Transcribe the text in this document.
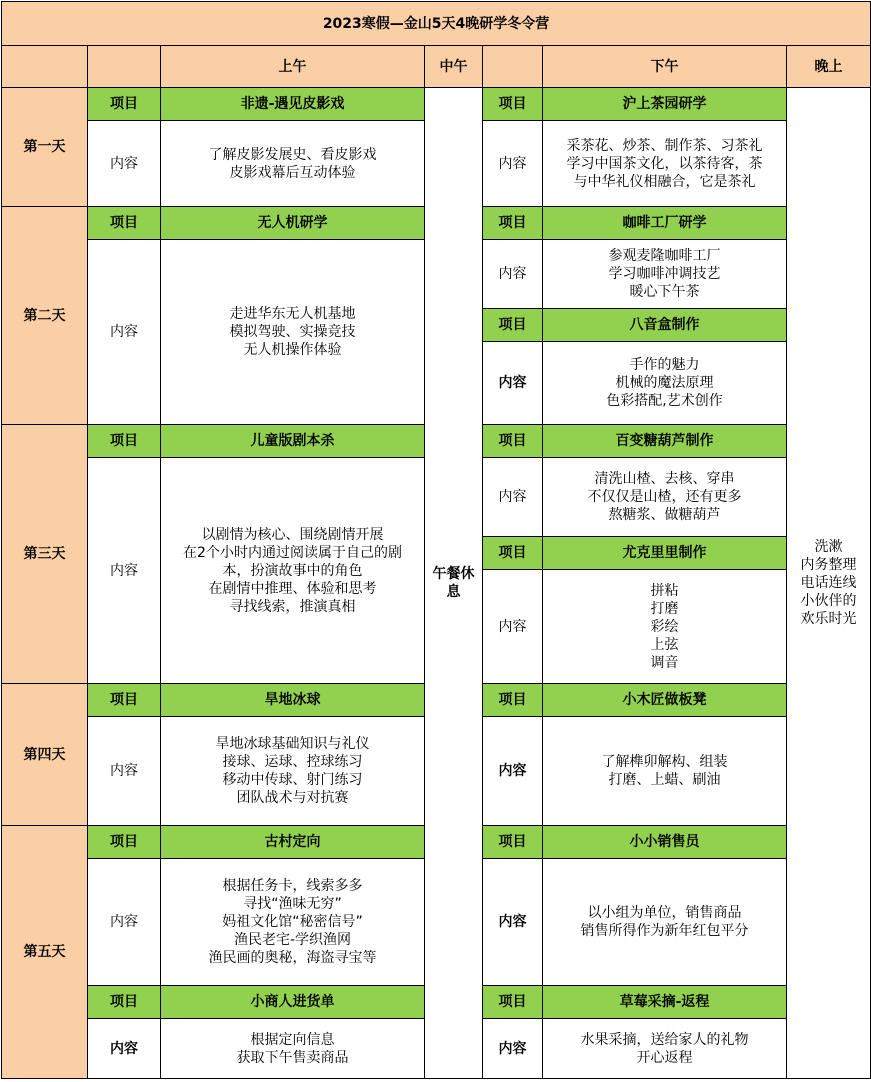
2023寒假—金山5天4晚研学冬令营							
		上午	中午		下午	晚上	
第一天	项目	非遗-遇见皮影戏	午餐休息	项目	沪上茶园研学	洗漱
内务整理
电话连线
小伙伴的
欢乐时光	
	内容	了解皮影发展史、看皮影戏
皮影戏幕后互动体验		内容	采茶花、炒茶、制作茶、习茶礼
学习中国茶文化，以茶待客，茶
与中华礼仪相融合，它是茶礼		
第二天	项目	无人机研学		项目	咖啡工厂研学		
	内容	走进华东无人机基地
模拟驾驶、实操竞技
无人机操作体验		内容	参观麦隆咖啡工厂
学习咖啡冲调技艺
暖心下午茶		
				项目	八音盒制作		
				内容	手作的魅力
机械的魔法原理
色彩搭配,艺术创作		

第三天	项目	儿童版剧本杀		项目	百变糖葫芦制作		
	内容	以剧情为核心、围绕剧情开展
在2个小时内通过阅读属于自己的剧
本，扮演故事中的角色
在剧情中推理、体验和思考
寻找线索，推演真相		内容	清洗山楂、去核、穿串
不仅仅是山楂，还有更多
熬糖浆、做糖葫芦		
				项目	尤克里里制作		
				内容	拼粘
打磨
彩绘
上弦
调音		

第四天	项目	旱地冰球		项目	小木匠做板凳		
	内容	旱地冰球基础知识与礼仪
接球、运球、控球练习
移动中传球、射门练习
团队战术与对抗赛		内容	了解榫卯解构、组装
打磨、上蜡、刷油		
第五天	项目	古村定向		项目	小小销售员		
	内容	根据任务卡，线索多多
寻找“渔味无穷”
妈祖文化馆“秘密信号”
渔民老宅-学织渔网
渔民画的奥秘，海盗寻宝等		内容	以小组为单位，销售商品
销售所得作为新年红包平分		
	项目	小商人进货单		项目	草莓采摘-返程		
	内容	根据定向信息
获取下午售卖商品		内容	水果采摘，送给家人的礼物
开心返程		
